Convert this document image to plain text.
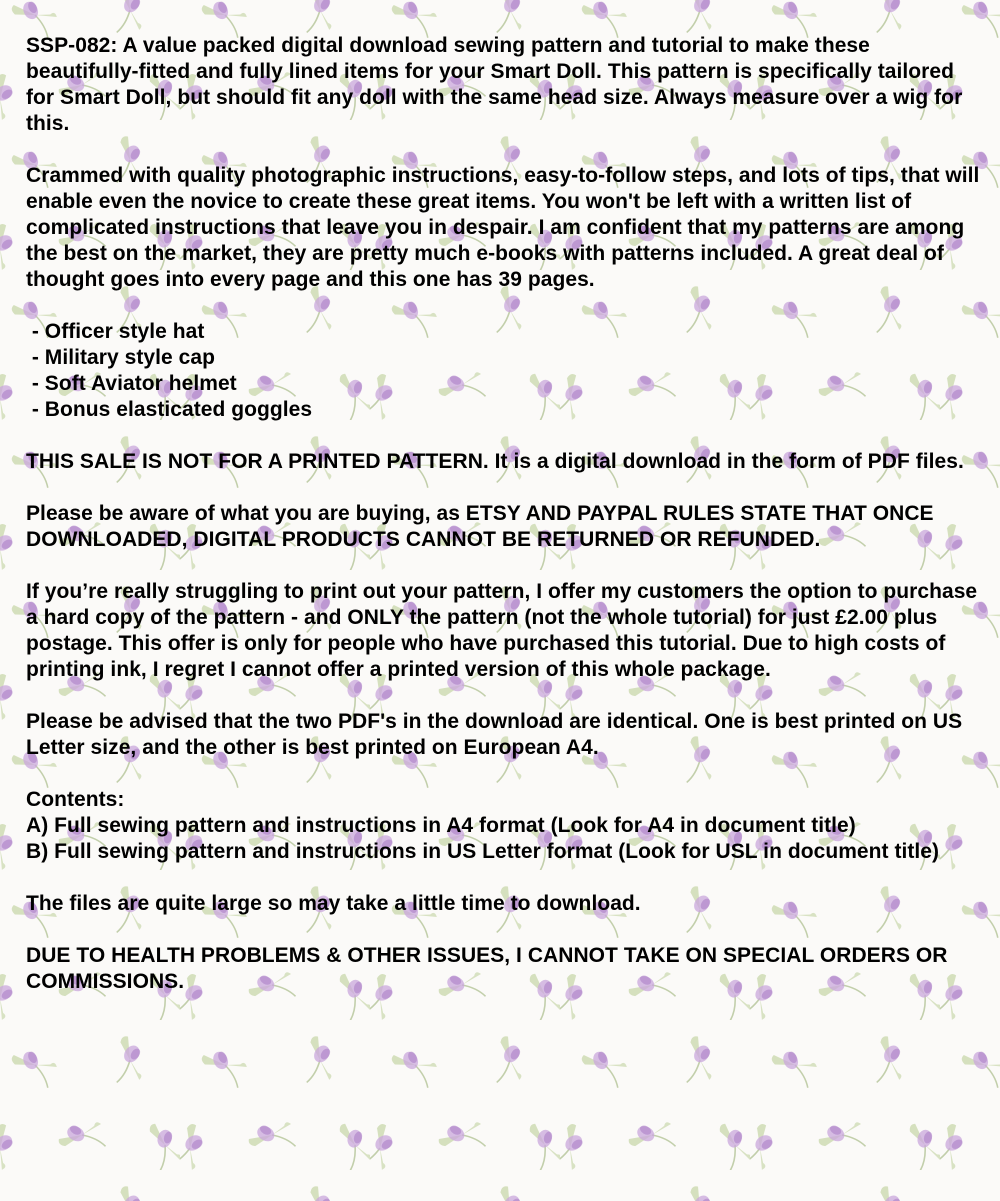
SSP-082: A value packed digital download sewing pattern and tutorial to make these beautifully-fitted and fully lined items for your Smart Doll. This pattern is specifically tailored for Smart Doll, but should fit any doll with the same head size. Always measure over a wig for this.

Crammed with quality photographic instructions, easy-to-follow steps, and lots of tips, that will enable even the novice to create these great items. You won't be left with a written list of complicated instructions that leave you in despair. I am confident that my patterns are among the best on the market, they are pretty much e-books with patterns included. A great deal of thought goes into every page and this one has 39 pages.

- Officer style hat
- Military style cap
- Soft Aviator helmet
- Bonus elasticated goggles

THIS SALE IS NOT FOR A PRINTED PATTERN. It is a digital download in the form of PDF files.

Please be aware of what you are buying, as ETSY AND PAYPAL RULES STATE THAT ONCE DOWNLOADED, DIGITAL PRODUCTS CANNOT BE RETURNED OR REFUNDED.

If you’re really struggling to print out your pattern, I offer my customers the option to purchase a hard copy of the pattern - and ONLY the pattern (not the whole tutorial) for just £2.00 plus postage. This offer is only for people who have purchased this tutorial. Due to high costs of printing ink, I regret I cannot offer a printed version of this whole package.

Please be advised that the two PDF's in the download are identical. One is best printed on US Letter size, and the other is best printed on European A4.

Contents:
A) Full sewing pattern and instructions in A4 format (Look for A4 in document title)
B) Full sewing pattern and instructions in US Letter format (Look for USL in document title)

The files are quite large so may take a little time to download.

DUE TO HEALTH PROBLEMS & OTHER ISSUES, I CANNOT TAKE ON SPECIAL ORDERS OR COMMISSIONS.
